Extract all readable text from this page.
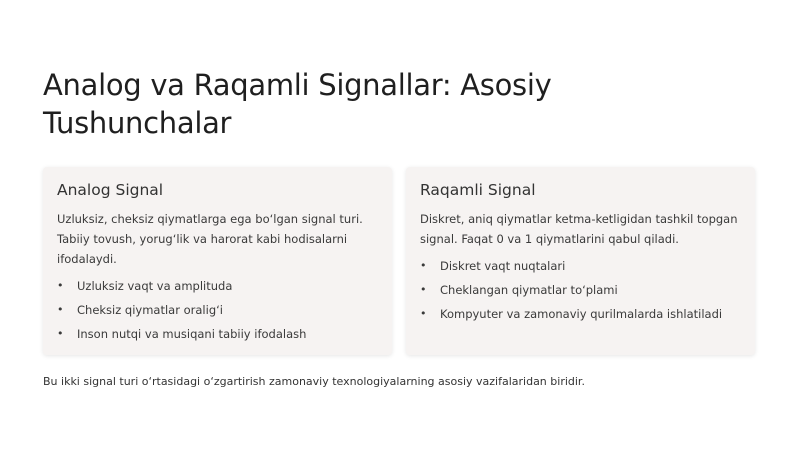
Analog va Raqamli Signallar: Asosiy Tushunchalar
Analog Signal

Uzluksiz, cheksiz qiymatlarga ega bo‘lgan signal turi. Tabiiy tovush, yorug‘lik va harorat kabi hodisalarni ifodalaydi.

• Uzluksiz vaqt va amplituda
• Cheksiz qiymatlar oralig‘i
• Inson nutqi va musiqani tabiiy ifodalash
Raqamli Signal

Diskret, aniq qiymatlar ketma-ketligidan tashkil topgan signal. Faqat 0 va 1 qiymatlarini qabul qiladi.

• Diskret vaqt nuqtalari
• Cheklangan qiymatlar to‘plami
• Kompyuter va zamonaviy qurilmalarda ishlatiladi

Bu ikki signal turi o‘rtasidagi o‘zgartirish zamonaviy texnologiyalarning asosiy vazifalaridan biridir.
